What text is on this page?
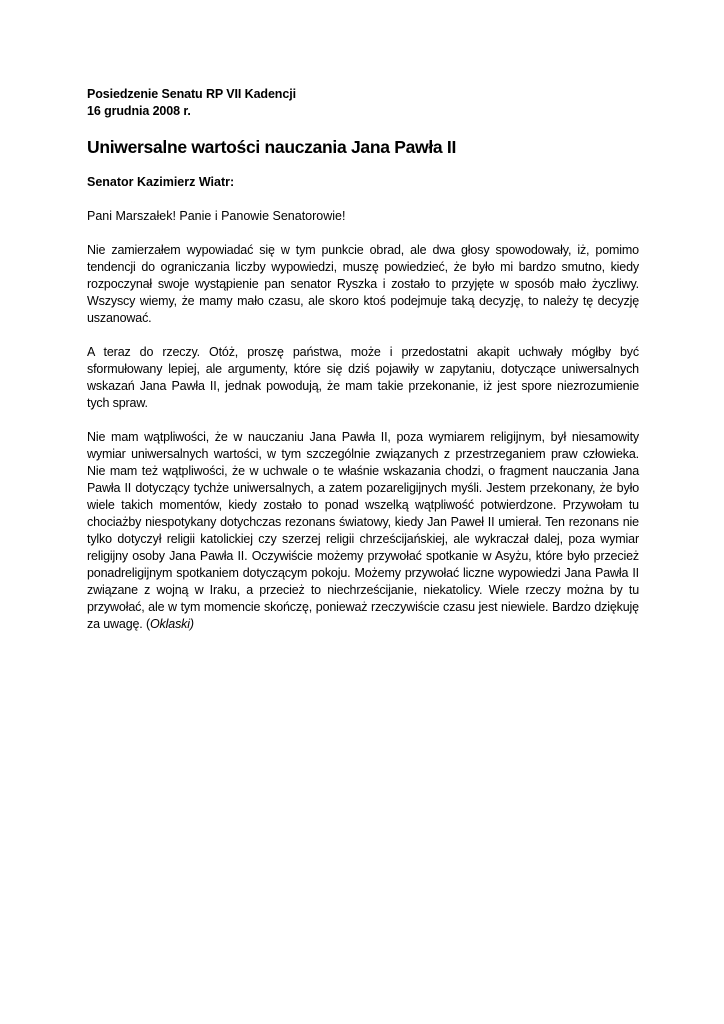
Posiedzenie Senatu RP VII Kadencji
16 grudnia 2008 r.
Uniwersalne wartości nauczania Jana Pawła II
Senator Kazimierz Wiatr:

Pani Marszałek! Panie i Panowie Senatorowie!

Nie zamierzałem wypowiadać się w tym punkcie obrad, ale dwa głosy spowodowały, iż, pomimo tendencji do ograniczania liczby wypowiedzi, muszę powiedzieć, że było mi bardzo smutno, kiedy rozpoczynał swoje wystąpienie pan senator Ryszka i zostało to przyjęte w sposób mało życzliwy. Wszyscy wiemy, że mamy mało czasu, ale skoro ktoś podejmuje taką decyzję, to należy tę decyzję uszanować.

A teraz do rzeczy. Otóż, proszę państwa, może i przedostatni akapit uchwały mógłby być sformułowany lepiej, ale argumenty, które się dziś pojawiły w zapytaniu, dotyczące uniwersalnych wskazań Jana Pawła II, jednak powodują, że mam takie przekonanie, iż jest spore niezrozumienie tych spraw.

Nie mam wątpliwości, że w nauczaniu Jana Pawła II, poza wymiarem religijnym, był niesamowity wymiar uniwersalnych wartości, w tym szczególnie związanych z przestrzeganiem praw człowieka. Nie mam też wątpliwości, że w uchwale o te właśnie wskazania chodzi, o fragment nauczania Jana Pawła II dotyczący tychże uniwersalnych, a zatem pozareligijnych myśli. Jestem przekonany, że było wiele takich momentów, kiedy zostało to ponad wszelką wątpliwość potwierdzone. Przywołam tu chociażby niespotykany dotychczas rezonans światowy, kiedy Jan Paweł II umierał. Ten rezonans nie tylko dotyczył religii katolickiej czy szerzej religii chrześcijańskiej, ale wykraczał dalej, poza wymiar religijny osoby Jana Pawła II. Oczywiście możemy przywołać spotkanie w Asyżu, które było przecież ponadreligijnym spotkaniem dotyczącym pokoju. Możemy przywołać liczne wypowiedzi Jana Pawła II związane z wojną w Iraku, a przecież to niechrześcijanie, niekatolicy. Wiele rzeczy można by tu przywołać, ale w tym momencie skończę, ponieważ rzeczywiście czasu jest niewiele. Bardzo dziękuję za uwagę. (Oklaski)
